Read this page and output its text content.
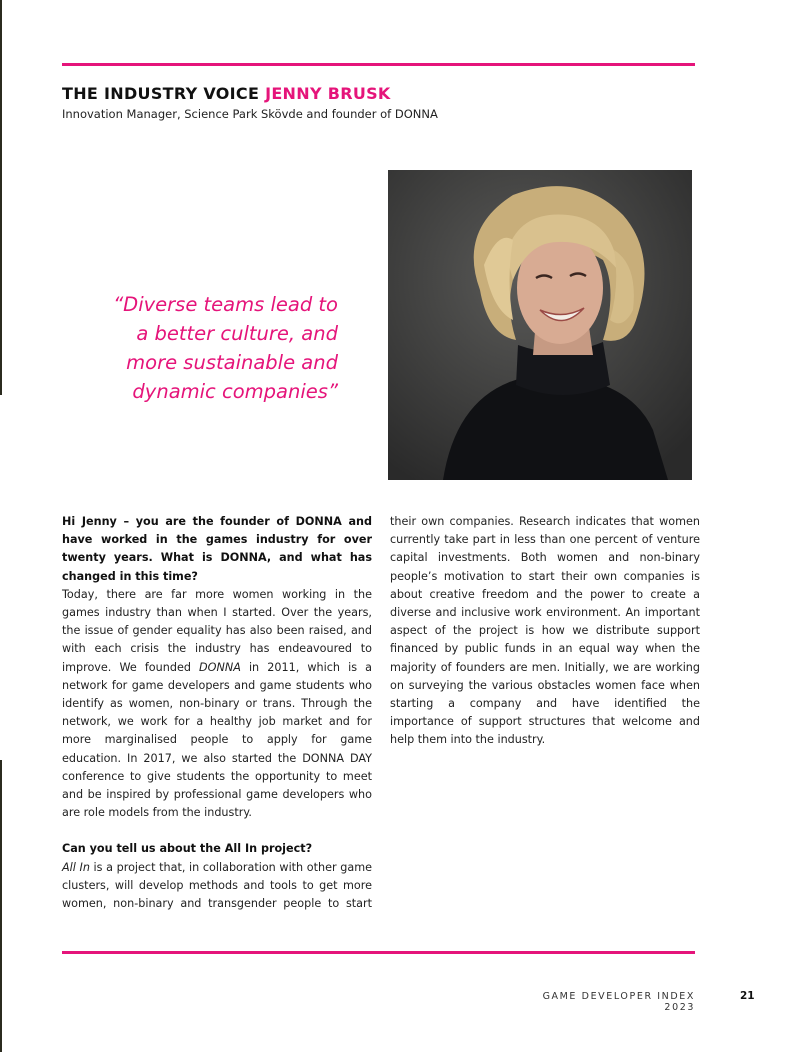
THE INDUSTRY VOICE JENNY BRUSK
Innovation Manager, Science Park Skövde and founder of DONNA
“Diverse teams lead to
a better culture, and
more sustainable and
dynamic companies”

Hi Jenny – you are the founder of DONNA and have worked in the games industry for over twenty years. What is DONNA, and what has changed in this time?

Today, there are far more women working in the games industry than when I started. Over the years, the issue of gender equality has also been raised, and with each crisis the industry has endeavoured to improve. We founded DONNA in 2011, which is a network for game developers and game students who identify as women, non-binary or trans. Through the network, we work for a healthy job market and for more marginalised people to apply for game education. In 2017, we also started the DONNA DAY conference to give students the opportunity to meet and be inspired by professional game developers who are role models from the industry.

Can you tell us about the All In project?

All In is a project that, in collaboration with other game clusters, will develop methods and tools to get more women, non-binary and transgender people to start their own companies. Research indicates that women currently take part in less than one percent of venture capital investments. Both women and non-binary people’s motivation to start their own companies is about creative freedom and the power to create a diverse and inclusive work environment. An important aspect of the project is how we distribute support financed by public funds in an equal way when the majority of founders are men. Initially, we are working on surveying the various obstacles women face when starting a company and have identified the importance of support structures that welcome and help them into the industry.

GAME DEVELOPER INDEX 2023
21
